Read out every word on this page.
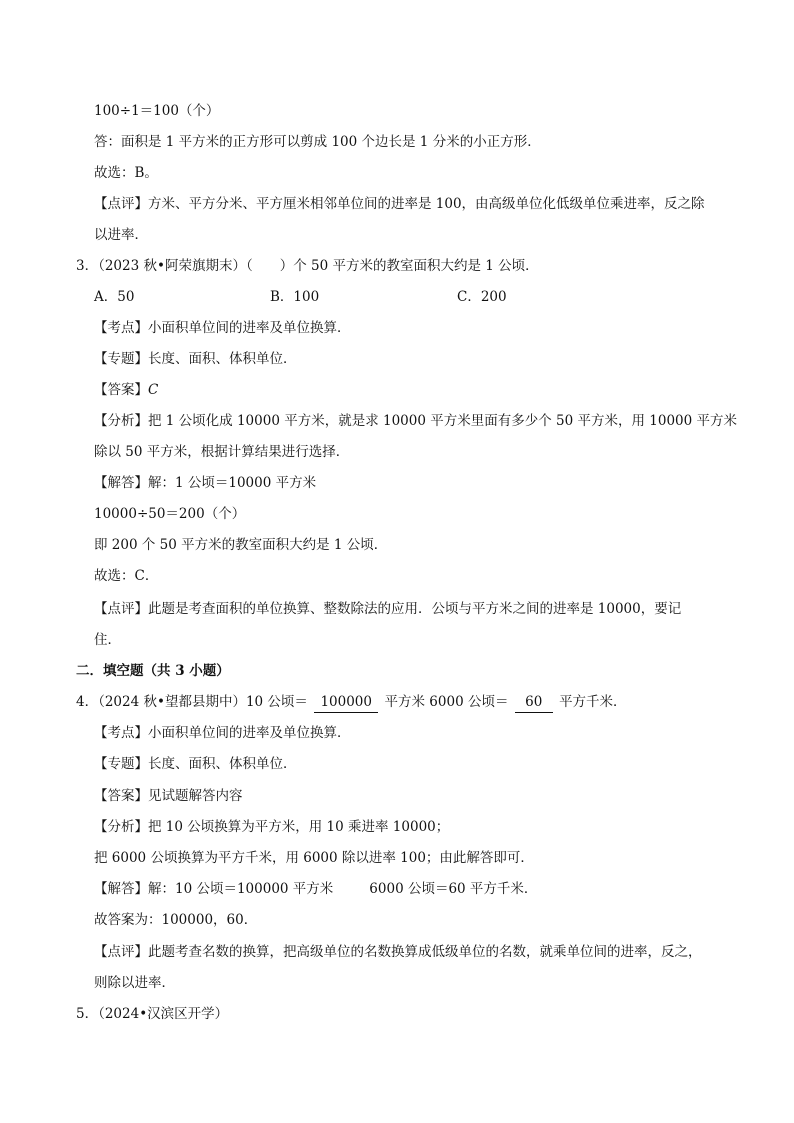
100÷1＝100（个）
答：面积是 1 平方米的正方形可以剪成 100 个边长是 1 分米的小正方形．
故选：B。
【点评】方米、平方分米、平方厘米相邻单位间的进率是 100，由高级单位化低级单位乘进率，反之除
以进率．
3．（2023 秋•阿荣旗期末）（　　）个 50 平方米的教室面积大约是 1 公顷．
A．50	B．100	C．200
【考点】小面积单位间的进率及单位换算．
【专题】长度、面积、体积单位．
【答案】C
【分析】把 1 公顷化成 10000 平方米，就是求 10000 平方米里面有多少个 50 平方米，用 10000 平方米
除以 50 平方米，根据计算结果进行选择．
【解答】解：1 公顷＝10000 平方米
10000÷50＝200（个）
即 200 个 50 平方米的教室面积大约是 1 公顷．
故选：C．
【点评】此题是考查面积的单位换算、整数除法的应用．公顷与平方米之间的进率是 10000，要记
住．
二．填空题（共 3 小题）
4．（2024 秋•望都县期中）10 公顷＝ 100000 平方米 6000 公顷＝ 60 平方千米．
【考点】小面积单位间的进率及单位换算．
【专题】长度、面积、体积单位．
【答案】见试题解答内容
【分析】把 10 公顷换算为平方米，用 10 乘进率 10000；
把 6000 公顷换算为平方千米，用 6000 除以进率 100；由此解答即可．
【解答】解：10 公顷＝100000 平方米	6000 公顷＝60 平方千米．
故答案为：100000，60．
【点评】此题考查名数的换算，把高级单位的名数换算成低级单位的名数，就乘单位间的进率，反之，
则除以进率．
5．（2024•汉滨区开学）
